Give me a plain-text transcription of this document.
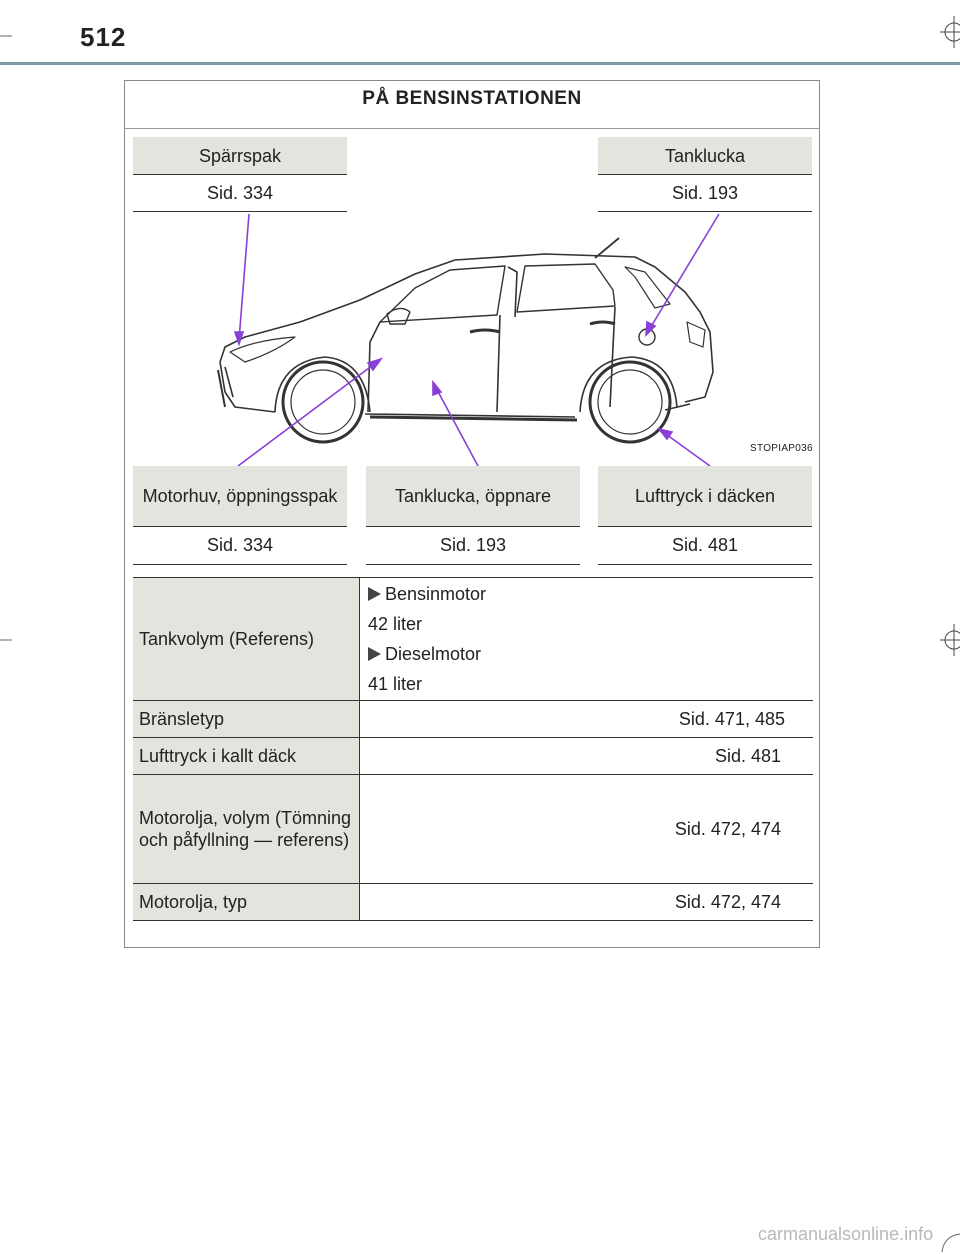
512
PÅ BENSINSTATIONEN
Spärrspak
Sid. 334
Tanklucka
Sid. 193
STOPIAP036
Motorhuv, öppningsspak
Sid. 334
Tanklucka, öppnare
Sid. 193
Lufttryck i däcken
Sid. 481
Tankvolym (Referens)	Bensinmotor
42 liter
Dieselmotor
41 liter

Bränsletyp	Sid. 471, 485
Lufttryck i kallt däck	Sid. 481
Motorolja, volym (Tömning och påfyllning — referens)	Sid. 472, 474
Motorolja, typ	Sid. 472, 474
carmanualsonline.info
